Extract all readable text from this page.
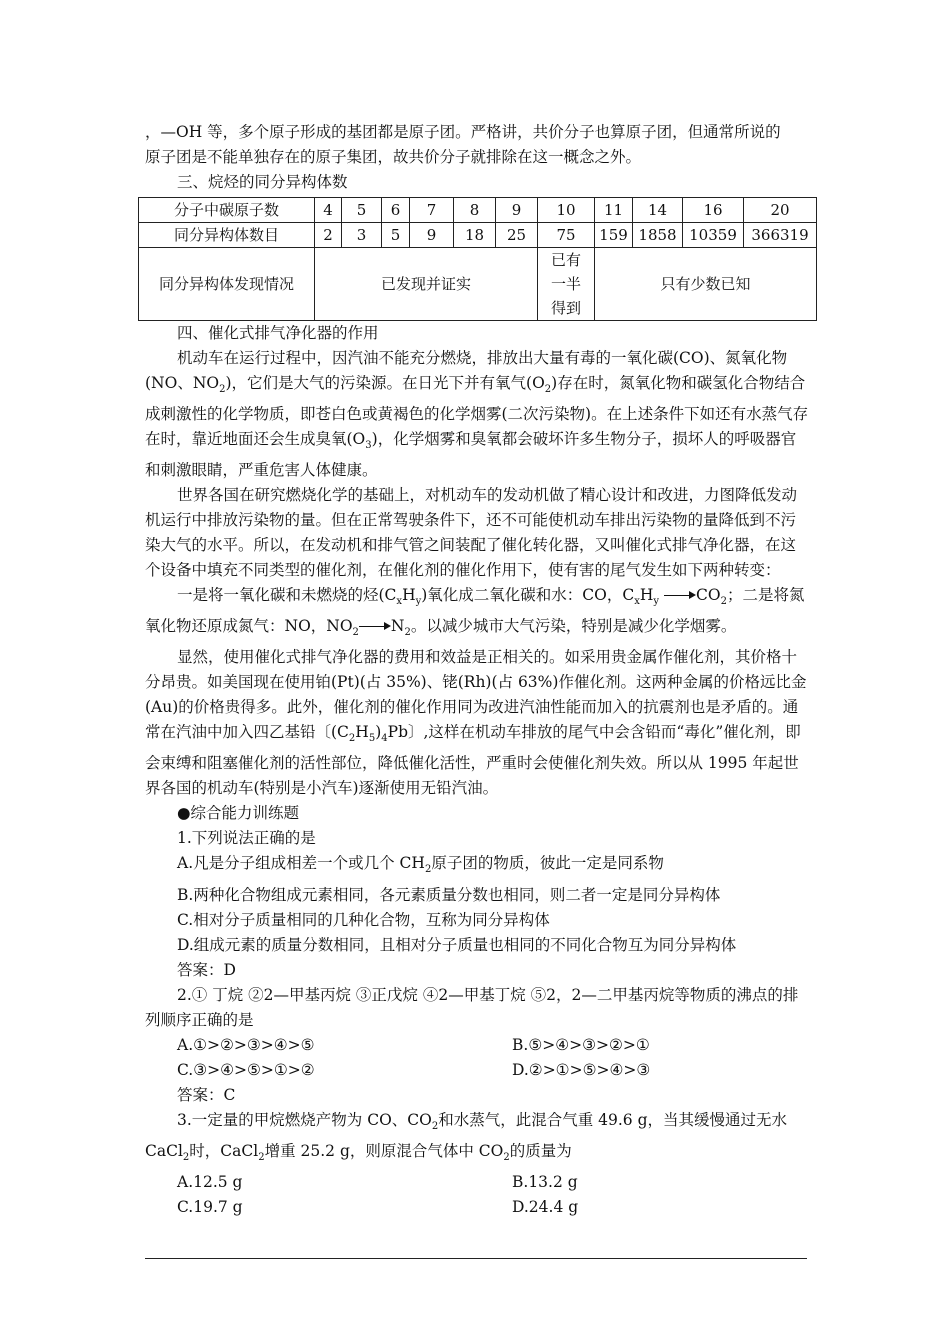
，—OH 等，多个原子形成的基团都是原子团。严格讲，共价分子也算原子团，但通常所说的

原子团是不能单独存在的原子集团，故共价分子就排除在这一概念之外。

三、烷烃的同分异构体数

分子中碳原子数	4	5	6	7	8	9	10	11	14	16	20
同分异构体数目	2	3	5	9	18	25	75	159	1858	10359	366319
同分异构体发现情况	已发现并证实						已有一半得到	只有少数已知			

四、催化式排气净化器的作用

机动车在运行过程中，因汽油不能充分燃烧，排放出大量有毒的一氧化碳(CO)、氮氧化物(NO、$NO_2$)，它们是大气的污染源。在日光下并有氧气$(O_2)$存在时，氮氧化物和碳氢化合物结合成刺激性的化学物质，即苍白色或黄褐色的化学烟雾(二次污染物)。在上述条件下如还有水蒸气存在时，靠近地面还会生成臭氧$(O_3)$，化学烟雾和臭氧都会破坏许多生物分子，损坏人的呼吸器官和刺激眼睛，严重危害人体健康。

世界各国在研究燃烧化学的基础上，对机动车的发动机做了精心设计和改进，力图降低发动机运行中排放污染物的量。但在正常驾驶条件下，还不可能使机动车排出污染物的量降低到不污染大气的水平。所以，在发动机和排气管之间装配了催化转化器，又叫催化式排气净化器，在这个设备中填充不同类型的催化剂，在催化剂的催化作用下，使有害的尾气发生如下两种转变：

一是将一氧化碳和未燃烧的烃$(C_xH_y)$氧化成二氧化碳和水：CO，$C_xH_y$ $CO_2$；二是将氮氧化物还原成氮气：NO，$NO_2$ $N_2$。以减少城市大气污染，特别是减少化学烟雾。

显然，使用催化式排气净化器的费用和效益是正相关的。如采用贵金属作催化剂，其价格十分昂贵。如美国现在使用铂(Pt)(占 35%)、铑(Rh)(占 63%)作催化剂。这两种金属的价格远比金(Au)的价格贵得多。此外，催化剂的催化作用同为改进汽油性能而加入的抗震剂也是矛盾的。通常在汽油中加入四乙基铅〔$(C_2H_5)_4Pb$〕,这样在机动车排放的尾气中会含铅而“毒化”催化剂，即会束缚和阻塞催化剂的活性部位，降低催化活性，严重时会使催化剂失效。所以从 1995 年起世界各国的机动车(特别是小汽车)逐渐使用无铅汽油。

●综合能力训练题

1.下列说法正确的是

A.凡是分子组成相差一个或几个 $CH_2$原子团的物质，彼此一定是同系物

B.两种化合物组成元素相同，各元素质量分数也相同，则二者一定是同分异构体

C.相对分子质量相同的几种化合物，互称为同分异构体

D.组成元素的质量分数相同，且相对分子质量也相同的不同化合物互为同分异构体

答案：D

2.① 丁烷 ②2—甲基丙烷 ③正戊烷 ④2—甲基丁烷 ⑤2，2—二甲基丙烷等物质的沸点的排列顺序正确的是

A.①>②>③>④>⑤	B.⑤>④>③>②>①
C.③>④>⑤>①>②	D.②>①>⑤>④>③

答案：C

3.一定量的甲烷燃烧产物为 CO、$CO_2$和水蒸气，此混合气重 49.6 g，当其缓慢通过无水 CaCl$_2$时，CaCl$_2$增重 25.2 g，则原混合气体中 $CO_2$的质量为

A.12.5 g	B.13.2 g
C.19.7 g	D.24.4 g
